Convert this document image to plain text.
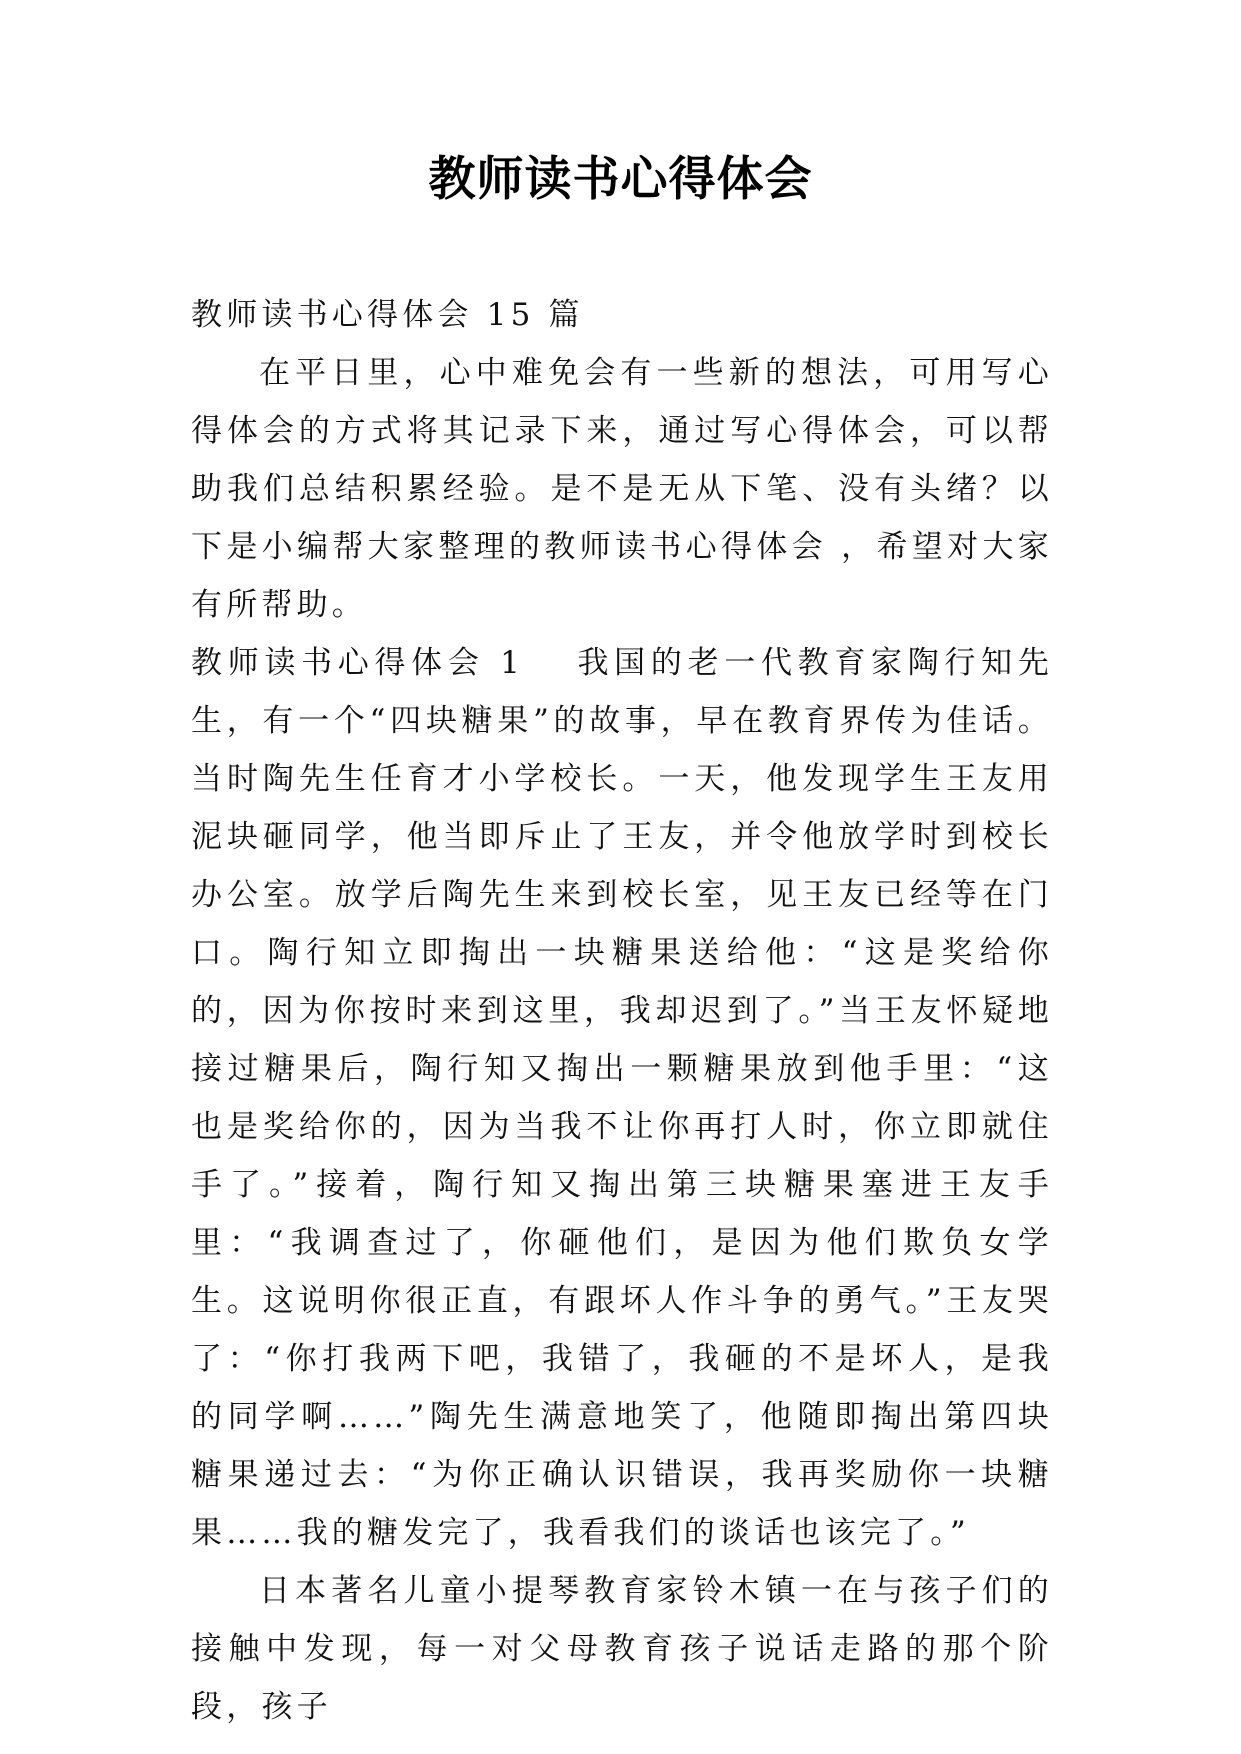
教师读书心得体会

教师读书心得体会 15 篇

在平日里，心中难免会有一些新的想法，可用写心得体会的方式将其记录下来，通过写心得体会，可以帮助我们总结积累经验。是不是无从下笔、没有头绪？以下是小编帮大家整理的教师读书心得体会 ，希望对大家有所帮助。

教师读书心得体会 1 我国的老一代教育家陶行知先生，有一个“四块糖果”的故事，早在教育界传为佳话。当时陶先生任育才小学校长。一天，他发现学生王友用泥块砸同学，他当即斥止了王友，并令他放学时到校长办公室。放学后陶先生来到校长室，见王友已经等在门口。陶行知立即掏出一块糖果送给他：“这是奖给你的，因为你按时来到这里，我却迟到了。”当王友怀疑地接过糖果后，陶行知又掏出一颗糖果放到他手里：“这也是奖给你的，因为当我不让你再打人时，你立即就住手了。”接着，陶行知又掏出第三块糖果塞进王友手里：“我调查过了，你砸他们，是因为他们欺负女学生。这说明你很正直，有跟坏人作斗争的勇气。”王友哭了：“你打我两下吧，我错了，我砸的不是坏人，是我的同学啊……”陶先生满意地笑了，他随即掏出第四块糖果递过去：“为你正确认识错误，我再奖励你一块糖果……我的糖发完了，我看我们的谈话也该完了。”

日本著名儿童小提琴教育家铃木镇一在与孩子们的接触中发现，每一对父母教育孩子说话走路的那个阶段，孩子
